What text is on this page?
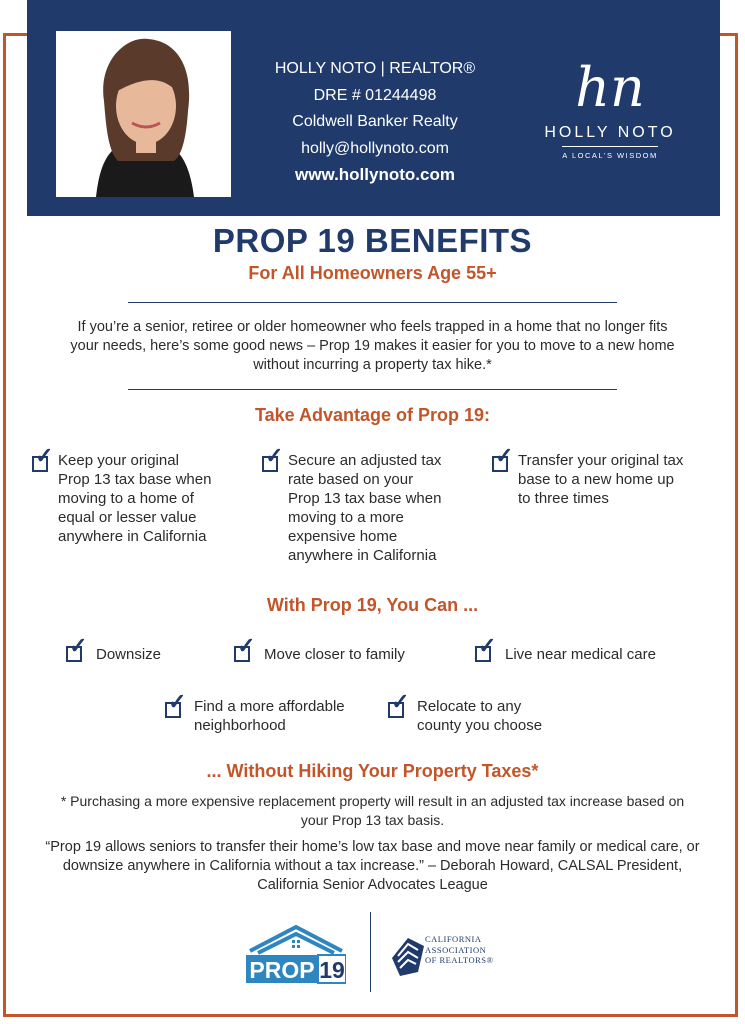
HOLLY NOTO | REALTOR®
DRE # 01244498
Coldwell Banker Realty
holly@hollynoto.com
www.hollynoto.com
hn
HOLLY NOTO
A LOCAL'S WISDOM
PROP 19 BENEFITS
For All Homeowners Age 55+
If you’re a senior, retiree or older homeowner who feels trapped in a home that no longer fits your needs, here’s some good news – Prop 19 makes it easier for you to move to a new home without incurring a property tax hike.*
Take Advantage of Prop 19:
✓ Keep your original
Prop 13 tax base when
moving to a home of
equal or lesser value
anywhere in California
✓ Secure an adjusted tax
rate based on your
Prop 13 tax base when
moving to a more
expensive home
anywhere in California
✓ Transfer your original tax
base to a new home up
to three times
With Prop 19, You Can ...
✓ Downsize	✓ Move closer to family	✓ Live near medical care
✓ Find a more affordable
neighborhood
✓ Relocate to any
county you choose
... Without Hiking Your Property Taxes*
* Purchasing a more expensive replacement property will result in an adjusted tax increase based on your Prop 13 tax basis.
“Prop 19 allows seniors to transfer their home’s low tax base and move near family or medical care, or downsize anywhere in California without a tax increase.” – Deborah Howard, CALSAL President, California Senior Advocates League
PROP 19
CALIFORNIA
ASSOCIATION
OF REALTORS®
